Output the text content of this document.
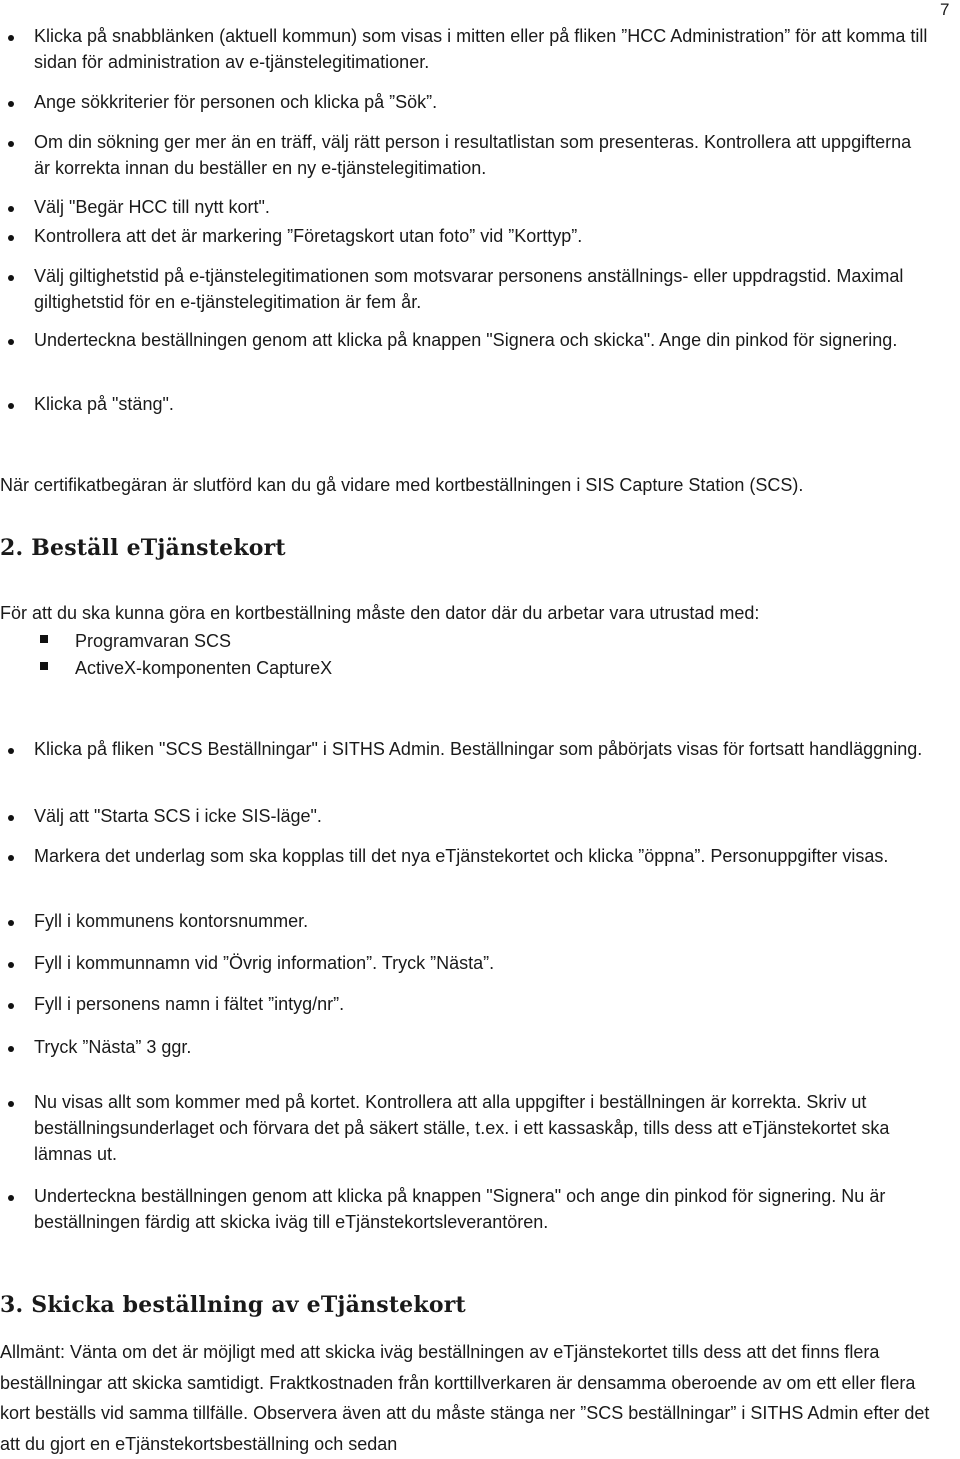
7
Klicka på snabblänken (aktuell kommun) som visas i mitten eller på fliken ”HCC Administration” för att komma till sidan för administration av e-tjänstelegitimationer.
Ange sökkriterier för personen och klicka på ”Sök”.
Om din sökning ger mer än en träff, välj rätt person i resultatlistan som presenteras. Kontrollera att uppgifterna är korrekta innan du beställer en ny e-tjänstelegitimation.
Välj "Begär HCC till nytt kort".
Kontrollera att det är markering ”Företagskort utan foto” vid ”Korttyp”.
Välj giltighetstid på e-tjänstelegitimationen som motsvarar personens anställnings- eller uppdragstid. Maximal giltighetstid för en e-tjänstelegitimation är fem år.
Underteckna beställningen genom att klicka på knappen "Signera och skicka". Ange din pinkod för signering.
Klicka på "stäng".
När certifikatbegäran är slutförd kan du gå vidare med kortbeställningen i SIS Capture Station (SCS).
2. Beställ eTjänstekort
För att du ska kunna göra en kortbeställning måste den dator där du arbetar vara utrustad med:
Programvaran SCS
ActiveX-komponenten CaptureX
Klicka på fliken "SCS Beställningar" i SITHS Admin. Beställningar som påbörjats visas för fortsatt handläggning.
Välj att "Starta SCS i icke SIS-läge".
Markera det underlag som ska kopplas till det nya eTjänstekortet och klicka ”öppna”. Personuppgifter visas.
Fyll i kommunens kontorsnummer.
Fyll i kommunnamn vid ”Övrig information”. Tryck ”Nästa”.
Fyll i personens namn i fältet ”intyg/nr”.
Tryck ”Nästa” 3 ggr.
Nu visas allt som kommer med på kortet. Kontrollera att alla uppgifter i beställningen är korrekta. Skriv ut beställningsunderlaget och förvara det på säkert ställe, t.ex. i ett kassaskåp, tills dess att eTjänstekortet ska lämnas ut.
Underteckna beställningen genom att klicka på knappen "Signera" och ange din pinkod för signering. Nu är beställningen färdig att skicka iväg till eTjänstekortsleverantören.
3. Skicka beställning av eTjänstekort
Allmänt: Vänta om det är möjligt med att skicka iväg beställningen av eTjänstekortet tills dess att det finns flera beställningar att skicka samtidigt. Fraktkostnaden från korttillverkaren är densamma oberoende av om ett eller flera kort beställs vid samma tillfälle. Observera även att du måste stänga ner ”SCS beställningar” i SITHS Admin efter det att du gjort en eTjänstekortsbeställning och sedan
